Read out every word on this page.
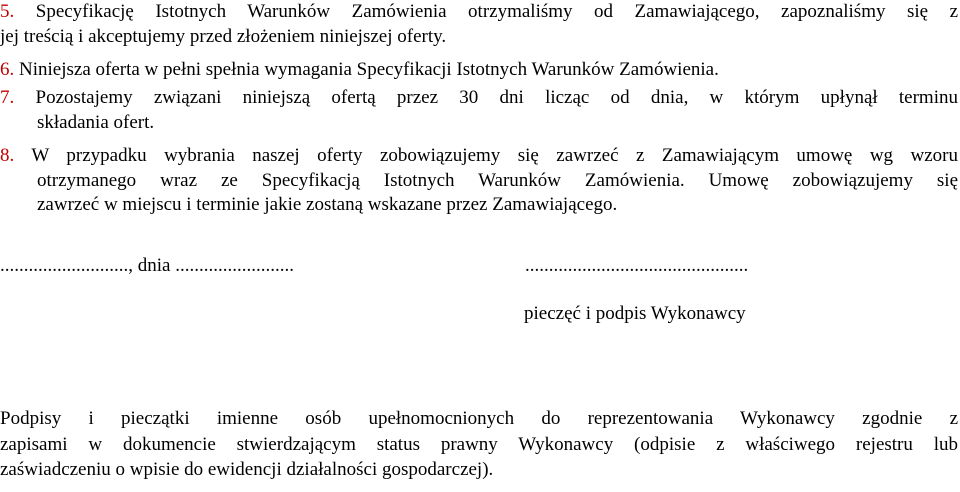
5. Specyfikację Istotnych Warunków Zamówienia otrzymaliśmy od Zamawiającego, zapoznaliśmy się z
jej treścią i akceptujemy przed złożeniem niniejszej oferty.
6. Niniejsza oferta w pełni spełnia wymagania Specyfikacji Istotnych Warunków Zamówienia.
7. Pozostajemy związani niniejszą ofertą przez 30 dni licząc od dnia, w którym upłynął terminu
składania ofert.
8. W przypadku wybrania naszej oferty zobowiązujemy się zawrzeć z Zamawiającym umowę wg wzoru
otrzymanego wraz ze Specyfikacją Istotnych Warunków Zamówienia. Umowę zobowiązujemy się
zawrzeć w miejscu i terminie jakie zostaną wskazane przez Zamawiającego.
..........................., dnia .........................	...............................................
pieczęć i podpis Wykonawcy
Podpisy i pieczątki imienne osób upełnomocnionych do reprezentowania Wykonawcy zgodnie z
zapisami w dokumencie stwierdzającym status prawny Wykonawcy (odpisie z właściwego rejestru lub
zaświadczeniu o wpisie do ewidencji działalności gospodarczej).
